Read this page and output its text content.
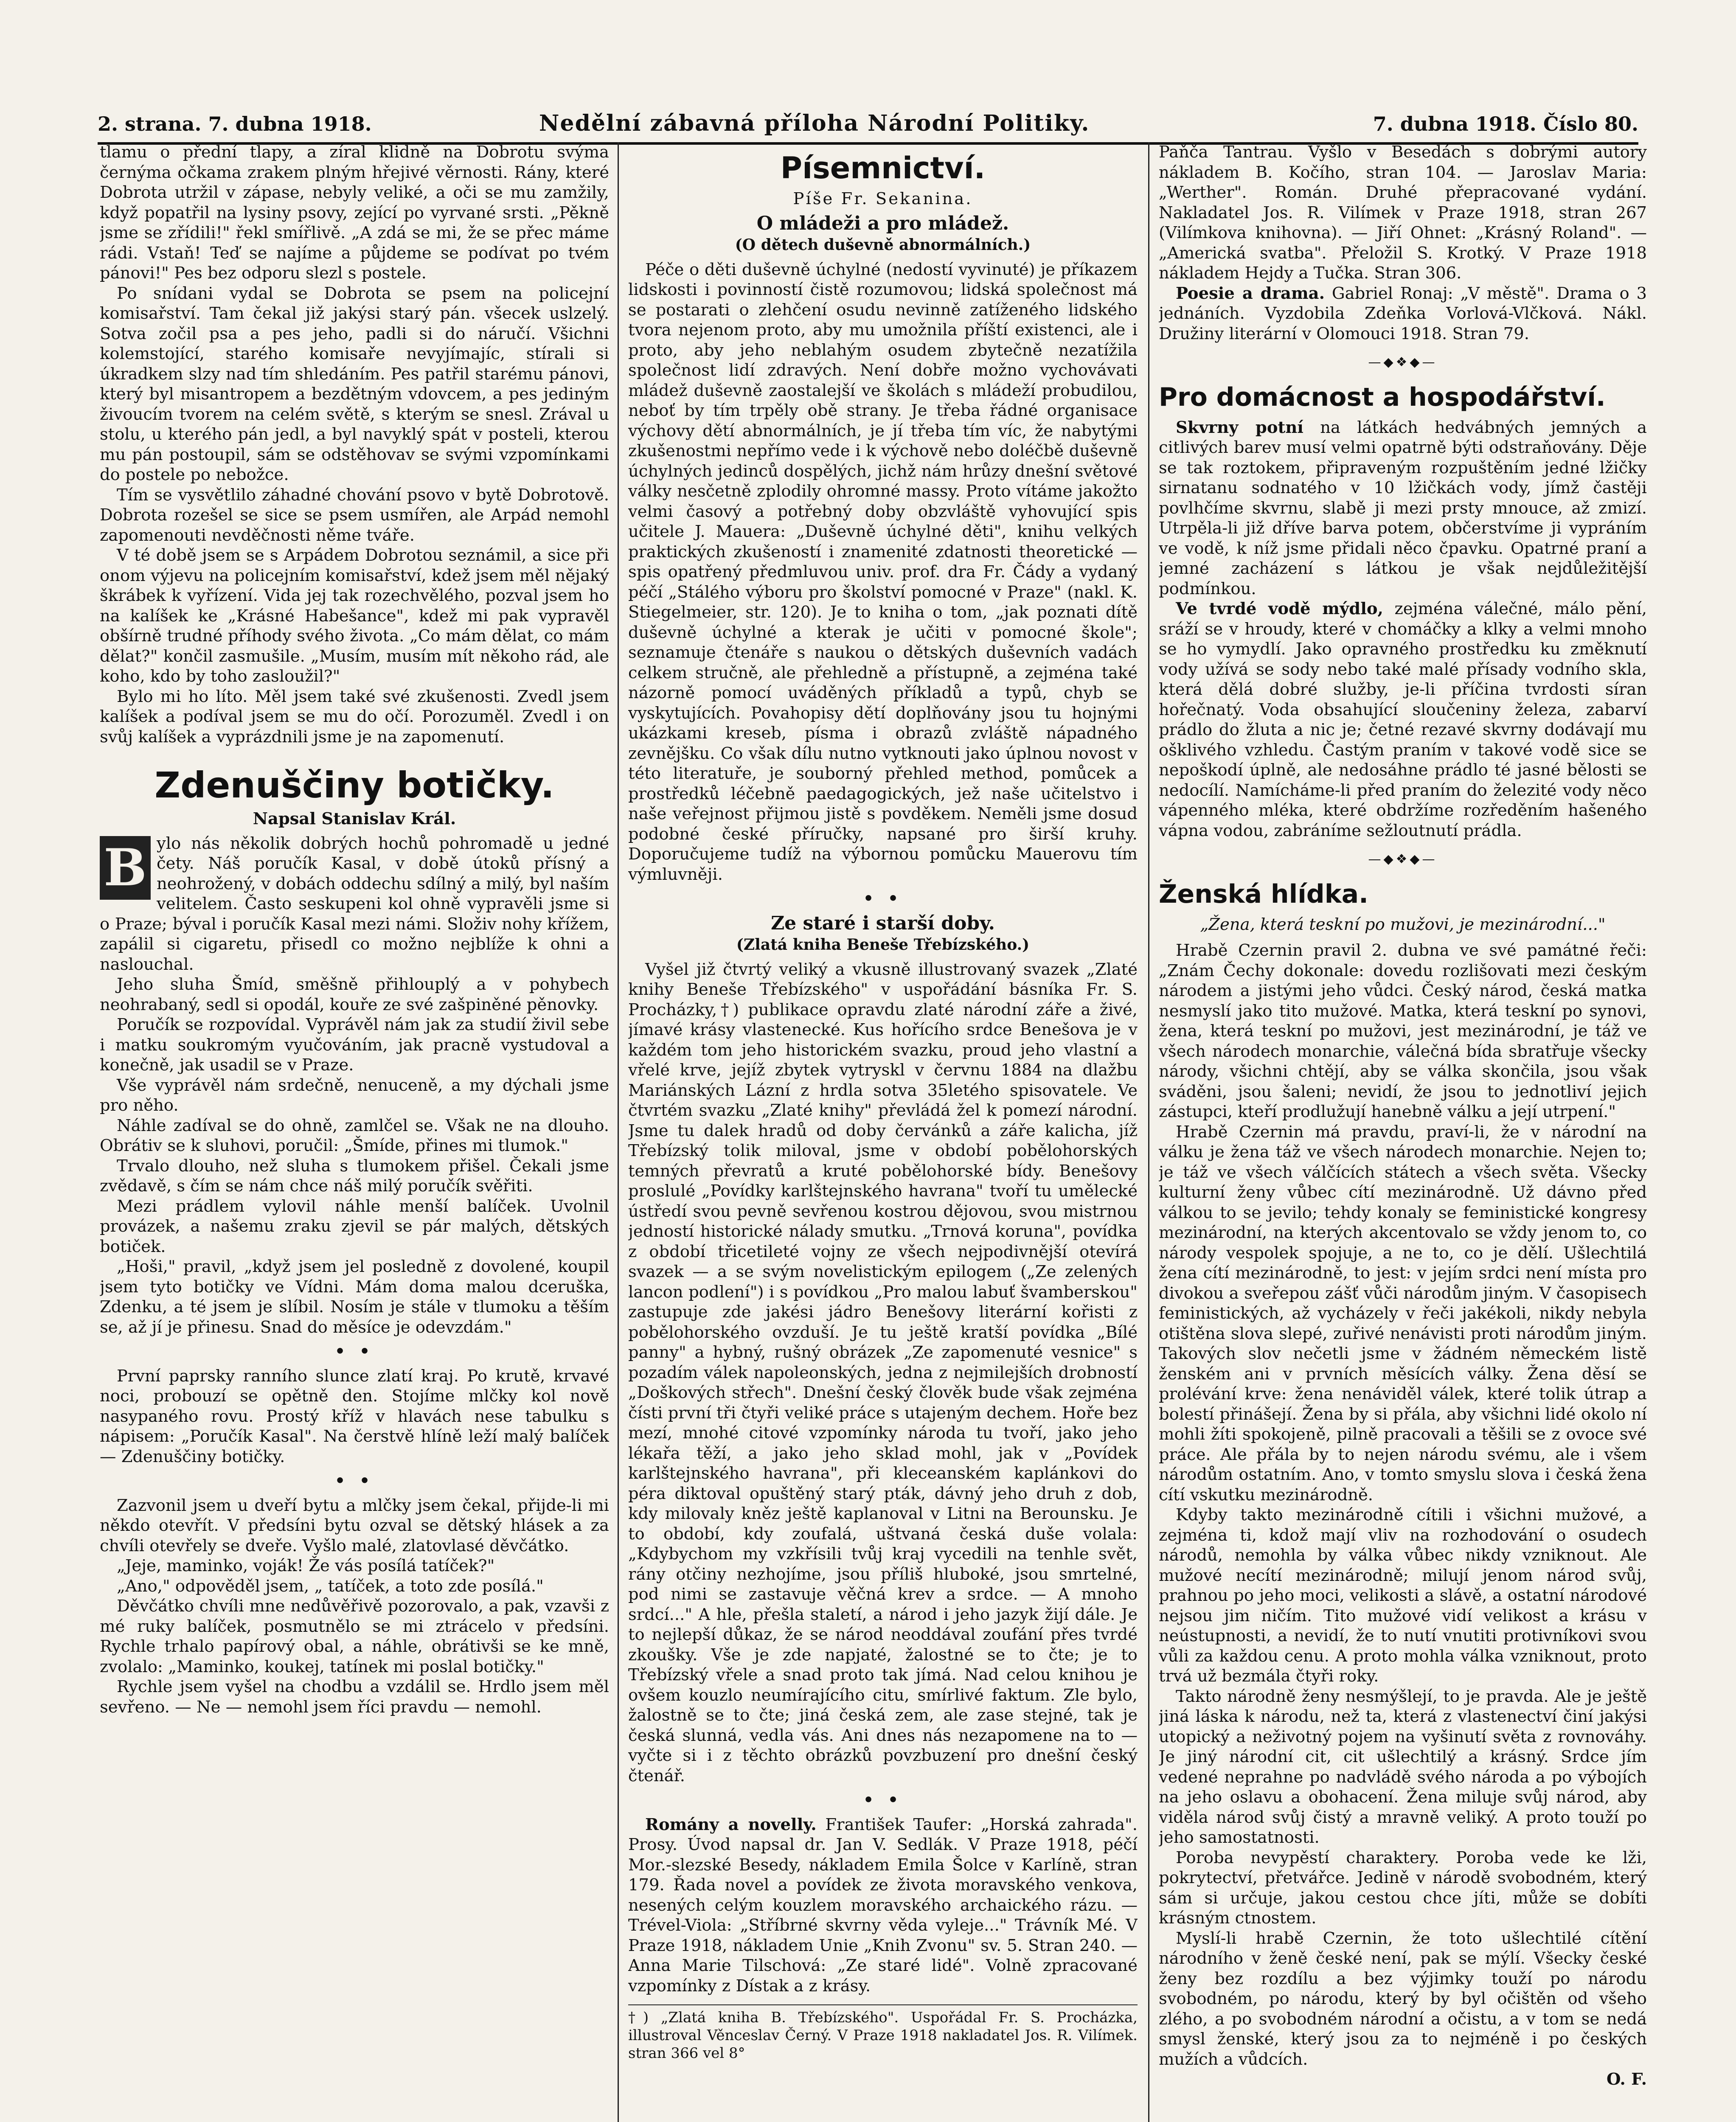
2. strana. 7. dubna 1918.	Nedělní zábavná příloha Národní Politiky.	7. dubna 1918. Číslo 80.

tlamu o přední tlapy, a zíral klidně na Dobrotu svýma černýma očkama zrakem plným hřejivé věrnosti. Rány, které Dobrota utržil v zápase, nebyly veliké, a oči se mu zamžily, když popatřil na lysiny psovy, zející po vyrvané srsti. „Pěkně jsme se zřídili!" řekl smířlivě. „A zdá se mi, že se přec máme rádi. Vstaň! Teď se najíme a půjdeme se podívat po tvém pánovi!" Pes bez odporu slezl s postele.

Po snídani vydal se Dobrota se psem na policejní komisařství. Tam čekal již jakýsi starý pán. všecek uslzelý. Sotva zočil psa a pes jeho, padli si do náručí. Všichni kolemstojící, starého komisaře nevyjímajíc, stírali si úkradkem slzy nad tím shledáním. Pes patřil starému pánovi, který byl misantropem a bezdětným vdovcem, a pes jediným živoucím tvorem na celém světě, s kterým se snesl. Zrával u stolu, u kterého pán jedl, a byl navyklý spát v posteli, kterou mu pán postoupil, sám se odstěhovav se svými vzpomínkami do postele po nebožce.

Tím se vysvětlilo záhadné chování psovo v bytě Dobrotově. Dobrota rozešel se sice se psem usmířen, ale Arpád nemohl zapomenouti nevděčnosti něme tváře.

V té době jsem se s Arpádem Dobrotou seznámil, a sice při onom výjevu na policejním komisařství, kdež jsem měl nějaký škrábek k vyřízení. Vida jej tak rozechvělého, pozval jsem ho na kalíšek ke „Krásné Habešance", kdež mi pak vypravěl obšírně trudné příhody svého života. „Co mám dělat, co mám dělat?" končil zasmušile. „Musím, musím mít někoho rád, ale koho, kdo by toho zasloužil?"

Bylo mi ho líto. Měl jsem také své zkušenosti. Zvedl jsem kalíšek a podíval jsem se mu do očí. Porozuměl. Zvedl i on svůj kalíšek a vyprázdnili jsme je na zapomenutí.

Zdenuščiny botičky.
Napsal Stanislav Král.
B ylo nás několik dobrých hochů pohromadě u jedné čety. Náš poručík Kasal, v době útoků přísný a neohrožený, v dobách oddechu sdílný a milý, byl naším velitelem. Často seskupeni kol ohně vypravěli jsme si o Praze; býval i poručík Kasal mezi námi. Složiv nohy křížem, zapálil si cigaretu, přisedl co možno nejblíže k ohni a naslouchal.

Jeho sluha Šmíd, směšně přihlouplý a v pohybech neohrabaný, sedl si opodál, kouře ze své zašpiněné pěnovky.

Poručík se rozpovídal. Vyprávěl nám jak za studií živil sebe i matku soukromým vyučováním, jak pracně vystudoval a konečně, jak usadil se v Praze.

Vše vyprávěl nám srdečně, nenuceně, a my dýchali jsme pro něho.

Náhle zadíval se do ohně, zamlčel se. Však ne na dlouho. Obrátiv se k sluhovi, poručil: „Šmíde, přines mi tlumok."

Trvalo dlouho, než sluha s tlumokem přišel. Čekali jsme zvědavě, s čím se nám chce náš milý poručík svěřiti.

Mezi prádlem vylovil náhle menší balíček. Uvolnil provázek, a našemu zraku zjevil se pár malých, dětských botiček.

„Hoši," pravil, „když jsem jel posledně z dovolené, koupil jsem tyto botičky ve Vídni. Mám doma malou dceruška, Zdenku, a té jsem je slíbil. Nosím je stále v tlumoku a těším se, až jí je přinesu. Snad do měsíce je odevzdám."

• •

První paprsky ranního slunce zlatí kraj. Po krutě, krvavé noci, probouzí se opětně den. Stojíme mlčky kol nově nasypaného rovu. Prostý kříž v hlavách nese tabulku s nápisem: „Poručík Kasal". Na čerstvě hlíně leží malý balíček — Zdenuščiny botičky.

• •

Zazvonil jsem u dveří bytu a mlčky jsem čekal, přijde-li mi někdo otevřít. V předsíni bytu ozval se dětský hlásek a za chvíli otevřely se dveře. Vyšlo malé, zlatovlasé děvčátko.

„Jeje, maminko, voják! Že vás posílá tatíček?"

„Ano," odpověděl jsem, „ tatíček, a toto zde posílá."

Děvčátko chvíli mne nedůvěřivě pozorovalo, a pak, vzavši z mé ruky balíček, posmutnělo se mi ztrácelo v předsíni. Rychle trhalo papírový obal, a náhle, obrátivši se ke mně, zvolalo: „Maminko, koukej, tatínek mi poslal botičky."

Rychle jsem vyšel na chodbu a vzdálil se. Hrdlo jsem měl sevřeno. — Ne — nemohl jsem říci pravdu — nemohl.

Písemnictví.
Píše Fr. Sekanina.
O mládeži a pro mládež.
(O dětech duševně abnormálních.)

Péče o děti duševně úchylné (nedostí vyvinuté) je příkazem lidskosti i povinností čistě rozumovou; lidská společnost má se postarati o zlehčení osudu nevinně zatíženého lidského tvora nejenom proto, aby mu umožnila příští existenci, ale i proto, aby jeho neblahým osudem zbytečně nezatížila společnost lidí zdravých. Není dobře možno vychovávati mládež duševně zaostalejší ve školách s mládeží probudilou, neboť by tím trpěly obě strany. Je třeba řádné organisace výchovy dětí abnormálních, je jí třeba tím víc, že nabytými zkušenostmi nepřímo vede i k výchově nebo doléčbě duševně úchylných jedinců dospělých, jichž nám hrůzy dnešní světové války nesčetně zplodily ohromné massy. Proto vítáme jakožto velmi časový a potřebný doby obzvláště vyhovující spis učitele J. Mauera: „Duševně úchylné děti", knihu velkých praktických zkušeností i znamenité zdatnosti theoretické — spis opatřený předmluvou univ. prof. dra Fr. Čády a vydaný péčí „Stálého výboru pro školství pomocné v Praze" (nakl. K. Stiegelmeier, str. 120). Je to kniha o tom, „jak poznati dítě duševně úchylné a kterak je učiti v pomocné škole"; seznamuje čtenáře s naukou o dětských duševních vadách celkem stručně, ale přehledně a přístupně, a zejména také názorně pomocí uváděných příkladů a typů, chyb se vyskytujících. Povahopisy dětí doplňovány jsou tu hojnými ukázkami kreseb, písma i obrazů zvláště nápadného zevnějšku. Co však dílu nutno vytknouti jako úplnou novost v této literatuře, je souborný přehled method, pomůcek a prostředků léčebně paedagogických, jež naše učitelstvo i naše veřejnost přijmou jistě s povděkem. Neměli jsme dosud podobné české příručky, napsané pro širší kruhy. Doporučujeme tudíž na výbornou pomůcku Mauerovu tím výmluvněji.

• •
Ze staré i starší doby.
(Zlatá kniha Beneše Třebízského.)

Vyšel již čtvrtý veliký a vkusně illustrovaný svazek „Zlaté knihy Beneše Třebízského" v uspořádání básníka Fr. S. Procházky,†) publikace opravdu zlaté národní záře a živé, jímavé krásy vlastenecké. Kus hořícího srdce Benešova je v každém tom jeho historickém svazku, proud jeho vlastní a vřelé krve, jejíž zbytek vytryskl v červnu 1884 na dlažbu Mariánských Lázní z hrdla sotva 35letého spisovatele. Ve čtvrtém svazku „Zlaté knihy" převládá žel k pomezí národní. Jsme tu dalek hradů od doby červánků a záře kalicha, jíž Třebízský tolik miloval, jsme v období pobělohorských temných převratů a kruté pobělohorské bídy. Benešovy proslulé „Povídky karlštejnského havrana" tvoří tu umělecké ústředí svou pevně sevřenou kostrou dějovou, svou mistrnou jedností historické nálady smutku. „Trnová koruna", povídka z období třicetileté vojny ze všech nejpodivnější otevírá svazek — a se svým novelistickým epilogem („Ze zelených lancon podlení") i s povídkou „Pro malou labuť švamberskou" zastupuje zde jakési jádro Benešovy literární kořisti z pobělohorského ovzduší. Je tu ještě kratší povídka „Bílé panny" a hybný, rušný obrázek „Ze zapomenuté vesnice" s pozadím válek napoleonských, jedna z nejmilejších drobností „Doškových střech". Dnešní český člověk bude však zejména čísti první tři čtyři veliké práce s utajeným dechem. Hoře bez mezí, mnohé citové vzpomínky národa tu tvoří, jako jeho lékařa těží, a jako jeho sklad mohl, jak v „Povídek karlštejnského havrana", při kleceanském kaplánkovi do péra diktoval opuštěný starý pták, dávný jeho druh z dob, kdy milovaly kněz ještě kaplanoval v Litni na Berounsku. Je to období, kdy zoufalá, uštvaná česká duše volala: „Kdybychom my vzkřísili tvůj kraj vycedili na tenhle svět, rány otčiny nezhojíme, jsou příliš hluboké, jsou smrtelné, pod nimi se zastavuje věčná krev a srdce. — A mnoho srdcí..." A hle, přešla staletí, a národ i jeho jazyk žijí dále. Je to nejlepší důkaz, že se národ neoddával zoufání přes tvrdé zkoušky. Vše je zde napjaté, žalostné se to čte; je to Třebízský vřele a snad proto tak jímá. Nad celou knihou je ovšem kouzlo neumírajícího citu, smírlivé faktum. Zle bylo, žalostně se to čte; jiná česká zem, ale zase stejné, tak je česká slunná, vedla vás. Ani dnes nás nezapomene na to — vyčte si i z těchto obrázků povzbuzení pro dnešní český čtenář.

• •

Romány a novelly. František Taufer: „Horská zahrada". Prosy. Úvod napsal dr. Jan V. Sedlák. V Praze 1918, péčí Mor.-slezské Besedy, nákladem Emila Šolce v Karlíně, stran 179. Řada novel a povídek ze života moravského venkova, nesených celým kouzlem moravského archaického rázu. — Trével-Viola: „Stříbrné skvrny věda vyleje..." Trávník Mé. V Praze 1918, nákladem Unie „Knih Zvonu" sv. 5. Stran 240. — Anna Marie Tilschová: „Ze staré lidé". Volně zpracované vzpomínky z Dístak a z krásy.

†) „Zlatá kniha B. Třebízského". Uspořádal Fr. S. Procházka, illustroval Věnceslav Černý. V Praze 1918 nakladatel Jos. R. Vilímek. stran 366 vel 8°

Paňča Tantrau. Vyšlo v Besedách s dobrými autory nákladem B. Kočího, stran 104. — Jaroslav Maria: „Werther". Román. Druhé přepracované vydání. Nakladatel Jos. R. Vilímek v Praze 1918, stran 267 (Vilímkova knihovna). — Jiří Ohnet: „Krásný Roland". — „Americká svatba". Přeložil S. Krotký. V Praze 1918 nákladem Hejdy a Tučka. Stran 306.

Poesie a drama. Gabriel Ronaj: „V městě". Drama o 3 jednáních. Vyzdobila Zdeňka Vorlová-Vlčková. Nákl. Družiny literární v Olomouci 1918. Stran 79.

—◆❖◆—
Pro domácnost a hospodářství.

Skvrny potní na látkách hedvábných jemných a citlivých barev musí velmi opatrně býti odstraňovány. Děje se tak roztokem, připraveným rozpuštěním jedné lžičky sirnatanu sodnatého v 10 lžičkách vody, jímž častěji povlhčíme skvrnu, slabě ji mezi prsty mnouce, až zmizí. Utrpěla-li již dříve barva potem, občerstvíme ji vypráním ve vodě, k níž jsme přidali něco čpavku. Opatrné praní a jemné zacházení s látkou je však nejdůležitější podmínkou.

Ve tvrdé vodě mýdlo, zejména válečné, málo pění, sráží se v hroudy, které v chomáčky a klky a velmi mnoho se ho vymydlí. Jako opravného prostředku ku změknutí vody užívá se sody nebo také malé přísady vodního skla, která dělá dobré služby, je-li příčina tvrdosti síran hořečnatý. Voda obsahující sloučeniny železa, zabarví prádlo do žluta a nic je; četné rezavé skvrny dodávají mu ošklivého vzhledu. Častým praním v takové vodě sice se nepoškodí úplně, ale nedosáhne prádlo té jasné bělosti se nedocílí. Namícháme-li před praním do železité vody něco vápenného mléka, které obdržíme rozředěním hašeného vápna vodou, zabráníme sežloutnutí prádla.

—◆❖◆—
Ženská hlídka.
„Žena, která teskní po mužovi, je mezinárodní..."

Hrabě Czernin pravil 2. dubna ve své památné řeči: „Znám Čechy dokonale: dovedu rozlišovati mezi českým národem a jistými jeho vůdci. Český národ, česká matka nesmyslí jako tito mužové. Matka, která teskní po synovi, žena, která teskní po mužovi, jest mezinárodní, je táž ve všech národech monarchie, válečná bída sbratřuje všecky národy, všichni chtějí, aby se válka skončila, jsou však sváděni, jsou šaleni; nevidí, že jsou to jednotliví jejich zástupci, kteří prodlužují hanebně válku a její utrpení."

Hrabě Czernin má pravdu, praví-li, že v národní na válku je žena táž ve všech národech monarchie. Nejen to; je táž ve všech válčících státech a všech světa. Všecky kulturní ženy vůbec cítí mezinárodně. Už dávno před válkou to se jevilo; tehdy konaly se feministické kongresy mezinárodní, na kterých akcentovalo se vždy jenom to, co národy vespolek spojuje, a ne to, co je dělí. Ušlechtilá žena cítí mezinárodně, to jest: v jejím srdci není místa pro divokou a sveřepou zášť vůči národům jiným. V časopisech feministických, až vycházely v řeči jakékoli, nikdy nebyla otištěna slova slepé, zuřivé nenávisti proti národům jiným. Takových slov nečetli jsme v žádném německém listě ženském ani v prvních měsících války. Žena děsí se prolévání krve: žena nenáviděl válek, které tolik útrap a bolestí přinášejí. Žena by si přála, aby všichni lidé okolo ní mohli žíti spokojeně, pilně pracovali a těšili se z ovoce své práce. Ale přála by to nejen národu svému, ale i všem národům ostatním. Ano, v tomto smyslu slova i česká žena cítí vskutku mezinárodně.

Kdyby takto mezinárodně cítili i všichni mužové, a zejména ti, kdož mají vliv na rozhodování o osudech národů, nemohla by válka vůbec nikdy vzniknout. Ale mužové necítí mezinárodně; milují jenom národ svůj, prahnou po jeho moci, velikosti a slávě, a ostatní národové nejsou jim ničím. Tito mužové vidí velikost a krásu v neústupnosti, a nevidí, že to nutí vnutiti protivníkovi svou vůli za každou cenu. A proto mohla válka vzniknout, proto trvá už bezmála čtyři roky.

Takto národně ženy nesmýšlejí, to je pravda. Ale je ještě jiná láska k národu, než ta, která z vlastenectví činí jakýsi utopický a neživotný pojem na vyšinutí světa z rovnováhy. Je jiný národní cit, cit ušlechtilý a krásný. Srdce jím vedené neprahne po nadvládě svého národa a po výbojích na jeho oslavu a obohacení. Žena miluje svůj národ, aby viděla národ svůj čistý a mravně veliký. A proto touží po jeho samostatnosti.

Poroba nevypěstí charaktery. Poroba vede ke lži, pokrytectví, přetvářce. Jedině v národě svobodném, který sám si určuje, jakou cestou chce jíti, může se dobíti krásným ctnostem.

Myslí-li hrabě Czernin, že toto ušlechtilé cítění národního v ženě české není, pak se mýlí. Všecky české ženy bez rozdílu a bez výjimky touží po národu svobodném, po národu, který by byl očištěn od všeho zlého, a po svobodném národní a očistu, a v tom se nedá smysl ženské, který jsou za to nejméně i po českých mužích a vůdcích.

O. F.
